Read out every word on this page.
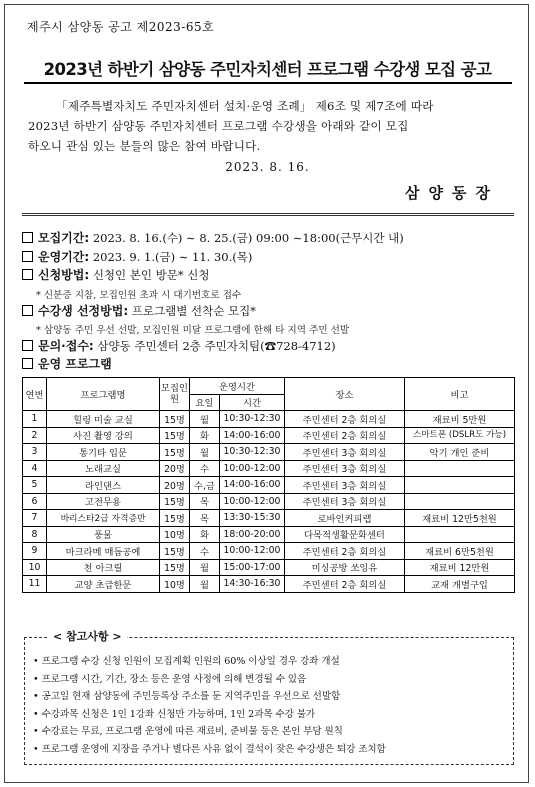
제주시 삼양동 공고 제2023-65호
2023년 하반기 삼양동 주민자치센터 프로그램 수강생 모집 공고

「제주특별자치도 주민자치센터 설치·운영 조례」 제6조 및 제7조에 따라

2023년 하반기 삼양동 주민자치센터 프로그램 수강생을 아래와 같이 모집
하오니 관심 있는 분들의 많은 참여 바랍니다.
2023. 8. 16.
삼양동장
모집기간: 2023. 8. 16.(수) ∼ 8. 25.(금) 09:00 ∼18:00(근무시간 내)
운영기간: 2023. 9. 1.(금) ∼ 11. 30.(목)
신청방법: 신청인 본인 방문* 신청
* 신분증 지참, 모집인원 초과 시 대기번호로 접수
수강생 선정방법: 프로그램별 선착순 모집*
* 삼양동 주민 우선 선발, 모집인원 미달 프로그램에 한해 타 지역 주민 선발
문의·접수: 삼양동 주민센터 2층 주민자치팀(☎728-4712)
운영 프로그램
연번	프로그램명	모집인원	운영시간		장소	비고
			요일	시간		
1	힐링 미술 교실	15명	월	10:30-12:30	주민센터 2층 회의실	재료비 5만원
2	사진 촬영 강의	15명	화	14:00-16:00	주민센터 2층 회의실	스마트폰 (DSLR도 가능)
3	통기타 입문	15명	월	10:30-12:30	주민센터 3층 회의실	악기 개인 준비
4	노래교실	20명	수	10:00-12:00	주민센터 3층 회의실	
5	라인댄스	20명	수,금	14:00-16:00	주민센터 3층 회의실	
6	고전무용	15명	목	10:00-12:00	주민센터 3층 회의실	
7	바리스타2급 자격증반	15명	목	13:30-15:30	로바인커피랩	재료비 12만5천원
8	풍물	10명	화	18:00-20:00	다목적생활문화센터	
9	마크라메 매듭공예	15명	수	10:00-12:00	주민센터 2층 회의실	재료비 6만5천원
10	천 아크릴	15명	월	15:00-17:00	미싱공방 쏘잉유	재료비 12만원
11	교양 초급한문	10명	월	14:30-16:30	주민센터 2층 회의실	교재 개별구입
• 프로그램 수강 신청 인원이 모집계획 인원의 60% 이상일 경우 강좌 개설
• 프로그램 시간, 기간, 장소 등은 운영 사정에 의해 변경될 수 있음
• 공고일 현재 삼양동에 주민등록상 주소를 둔 지역주민을 우선으로 선발함
• 수강과목 신청은 1인 1강좌 신청만 가능하며, 1인 2과목 수강 불가
• 수강료는 무료, 프로그램 운영에 따른 재료비, 준비물 등은 본인 부담 원칙
• 프로그램 운영에 지장을 주거나 별다른 사유 없이 결석이 잦은 수강생은 퇴강 조치함
< 참고사항 >
